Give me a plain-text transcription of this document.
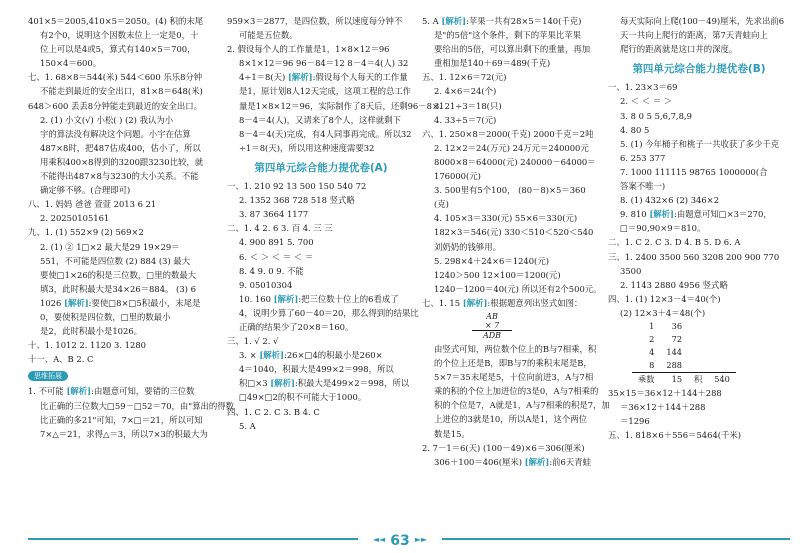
401×5＝2005,410×5＝2050。(4) 积的末尾
有2个0，说明这个因数末位上一定是0，十
位上可以是4或5，算式有140×5＝700，
150×4＝600。
七、1. 68×8＝544(米) 544＜600 乐乐8分钟
不能走到最近的安全出口，81×8＝648(米)
648＞600 丢丢8分钟能走到最近的安全出口。
2. (1) 小文(√) 小松( ) (2) 我认为小
宇的算法没有解决这个问题。小宇在估算
487×8时，把487估成400，估小了，所以
用乘积400×8得到的3200跟3230比较，就
不能得出487×8与3230的大小关系。不能
确定够不够。(合理即可)
八、1. 妈妈 爸爸 萱萱 2013 6 21
2. 20250105161
九、1. (1) 552×9 (2) 569×2
2. (1) ② 1□×2 最大是29 19×29＝
551，不可能是四位数 (2) 884 (3) 最大
要使□1×26的积是三位数，□里的数最大
填3，此时积最大是34×26＝884。 (3) 6
1026 [解析]:要使□8×□5积最小，末尾是
0，要使积是四位数，□里的数最小
是2，此时积最小是1026。
十、1. 1012 2. 1120 3. 1280
十一、A、B 2. C
思维拓展
1. 不可能 [解析]:由题意可知，要错的三位数
比正确的三位数大□59－□52＝70，由"算出的得数
比正确的多21"可知，7×□＝21，所以可知
7×△＝21，求得△＝3，所以7×3的积最大为
959×3＝2877，是四位数，所以速度每分钟不
可能是五位数。
2. 假设每个人的工作量是1，1×8×12＝96
8×1×12＝96 96－84＝12 8－4＝4(人) 32
4÷1＝8(天) [解析]:假设每个人每天的工作量
是1，原计划8人12天完成，这项工程的总工作
量是1×8×12＝96，实际制作了8天后，还剩96－8×1
8－4＝4(人)，又请来了8个人，这样就剩下
8－4＝4(天)完成，有4人同事再完成。所以32
÷1＝8(天)，所以用这种速度需要32
第四单元综合能力提优卷(A)
一、1. 210 92 13 500 150 540 72
2. 1352 368 728 518 竖式略
3. 87 3664 1177
二、1. 4 2. 6 3. 百 4. 三 三
4. 900 891 5. 700
6. ＜ ＞ ＜ ＝ ＜ ＝
8. 4 9. 0 9. 不能
9. 05010304
10. 160 [解析]:把三位数十位上的6看成了
4，说明少算了60－40＝20，那么得到的结果比
正确的结果少了20×8＝160。
三、1. √ 2. √
3. × [解析]:26×□4的积最小是260×
4＝1040，积最大是499×2＝998，所以
积□×3 [解析]:积最大是499×2＝998，所以
□49×□2的积不可能大于1000。
四、1. C 2. C 3. B 4. C
5. A
5. A [解析]:苹果一共有28×5＝140(千克)
是"的5倍"这个条件，剩下的苹果比苹果
要给出的5倍，可以算出剩下的重量，再加
重相加是140＋69＝489(千克)
五、1. 12×6＝72(元)
2. 4×6＝24(个)
3. 21÷3＝18(只)
4. 33÷5＝7(元)
六、1. 250×8＝2000(千克) 2000千克＝2吨
2. 12×2＝24(万元) 24万元＝240000元
8000×8＝64000(元) 240000－64000＝
176000(元)
3. 500里有5个100， (80－8)×5＝360
(克)
4. 105×3＝330(元) 55×6＝330(元)
182×3＝546(元) 330＜510＜520＜540
刘奶奶的钱够用。
5. 298×4＋24×6＝1240(元)
1240＞500 12×100＝1200(元)
1240－1200＝40(元) 所以还有2个500元。
七、1. 15 [解析]:根据题意列出竖式如图：
AB
× 7
ADB
由竖式可知，两位数个位上的B与7相乘，积
的个位上还是B，即B与7的乘积末尾是B，
5×7＝35末尾是5，十位向前进3，A与7相
乘的积的个位上加进位的3是0，A与7相乘的
积的个位是7，A就是1，A与7相乘的积是7，加
上进位的3就是10，所以A是1，这个两位
数是15。
2. 7－1＝6(天) (100－49)×6＝306(厘米)
306＋100＝406(厘米) [解析]:前6天青蛙
每天实际向上爬(100－49)厘米，先求出前6
天一共向上爬行的距离，第7天青蛙向上
爬行的距离就是这口井的深度。
第四单元综合能力提优卷(B)
一、1. 23×3＝69
2. ＜ ＜ ＝ ＞
3. 8 0 5 5,6,7,8,9
4. 80 5
5. (1) 今年桶子和桃子一共收获了多少千克
6. 253 377
7. 1000 111115 98765 1000000(合
答案不唯一)
8. (1) 432×6 (2) 346×2
9. 810 [解析]:由题意可知□×3＝270，
□＝90,90×9＝810。
二、1. C 2. C 3. D 4. B 5. D 6. A
三、1. 2400 3500 560 3208 200 900 770
3500
2. 1143 2880 4956 竖式略
四、1. (1) 12×3－4＝40(个)
(2) 12×3＋4＝48(个)
1	36		
2	72		
4	144		
8	288		
乘数	15	积	540
35×15＝36×12＋144＋288
＝36×12＋144＋288
＝1296
五、1. 818×6＋556＝5464(千米)
◄◄ 63 ►►
